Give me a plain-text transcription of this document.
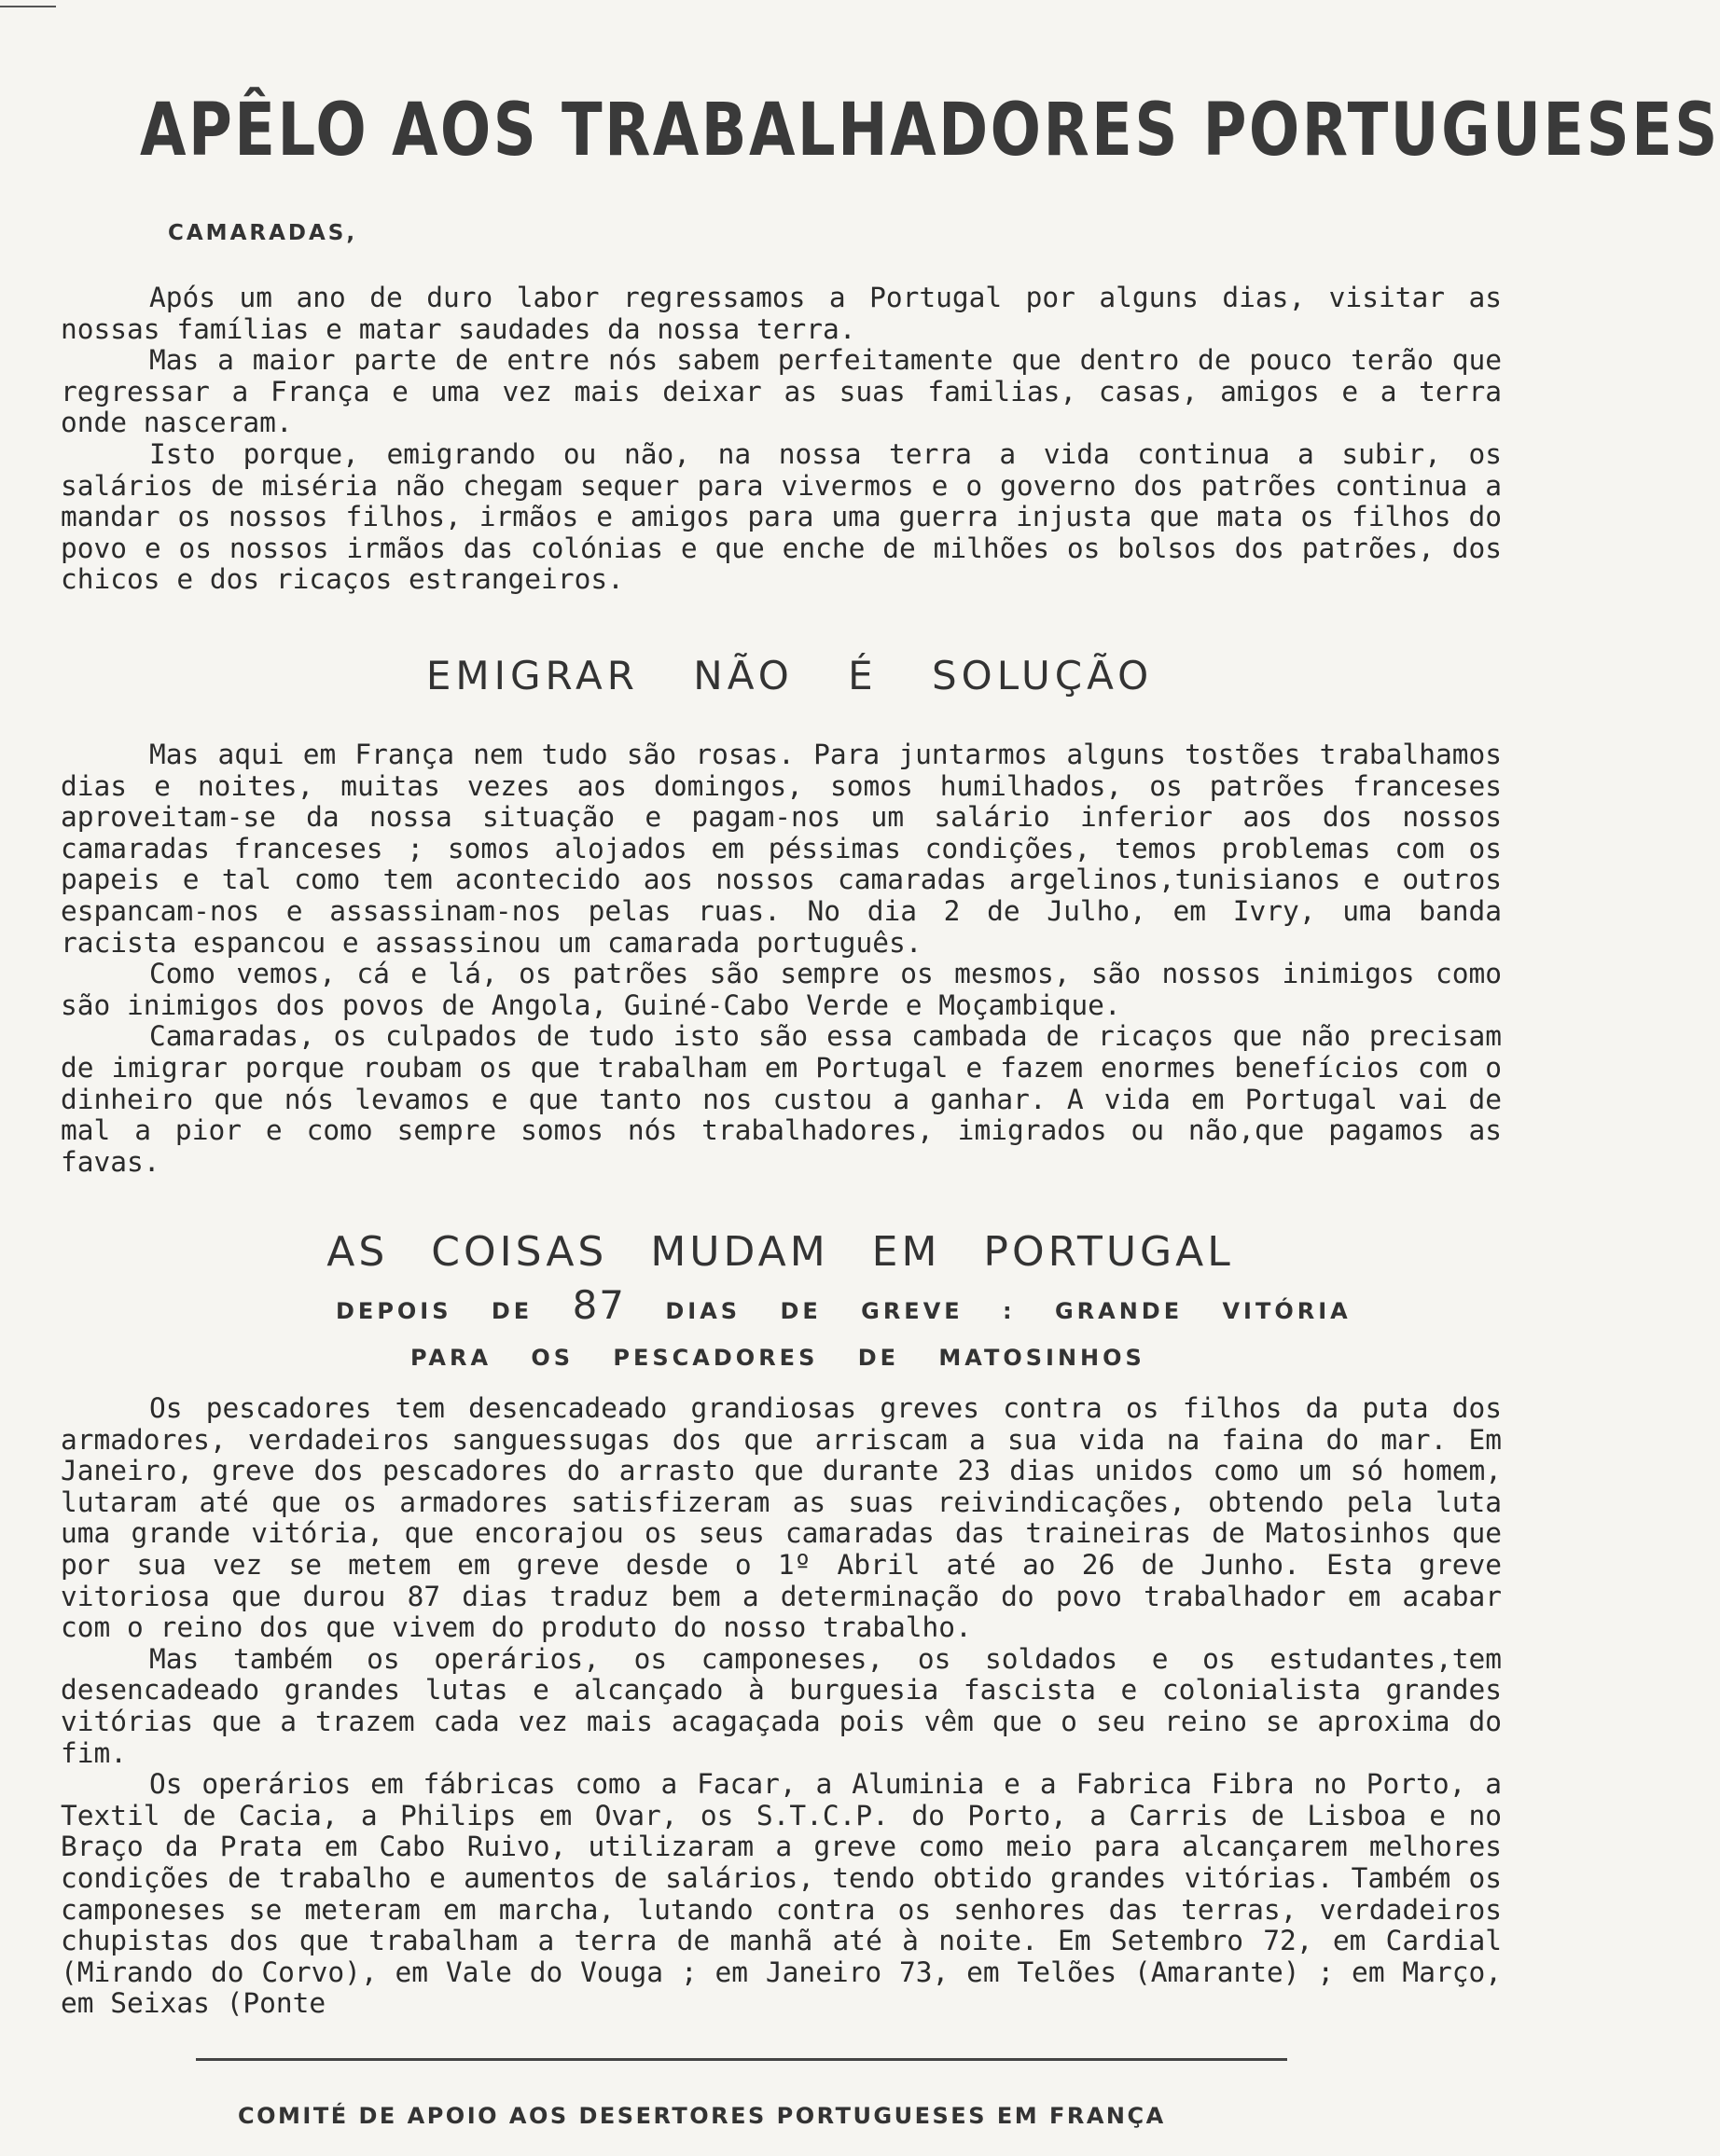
APÊLO AOS TRABALHADORES PORTUGUESES
CAMARADAS,

Após um ano de duro labor regressamos a Portugal por alguns dias, visitar as nossas famílias e matar saudades da nossa terra.

Mas a maior parte de entre nós sabem perfeitamente que dentro de pouco terão que regressar a França e uma vez mais deixar as suas familias, casas, amigos e a terra onde nasceram.

Isto porque, emigrando ou não, na nossa terra a vida continua a subir, os salários de miséria não chegam sequer para vivermos e o governo dos patrões continua a mandar os nossos filhos, irmãos e amigos para uma guerra injusta que mata os filhos do povo e os nossos irmãos das colónias e que enche de milhões os bolsos dos patrões, dos chicos e dos ricaços estrangeiros.

EMIGRAR NÃO É SOLUÇÃO

Mas aqui em França nem tudo são rosas. Para juntarmos alguns tostões trabalhamos dias e noites, muitas vezes aos domingos, somos humilhados, os patrões franceses aproveitam-se da nossa situação e pagam-nos um salário inferior aos dos nossos camaradas franceses ; somos alojados em péssimas condições, temos problemas com os papeis e tal como tem acontecido aos nossos camaradas argelinos,tunisianos e outros espancam-nos e assassinam-nos pelas ruas. No dia 2 de Julho, em Ivry, uma banda racista espancou e assassinou um camarada português.

Como vemos, cá e lá, os patrões são sempre os mesmos, são nossos inimigos como são inimigos dos povos de Angola, Guiné-Cabo Verde e Moçambique.

Camaradas, os culpados de tudo isto são essa cambada de ricaços que não precisam de imigrar porque roubam os que trabalham em Portugal e fazem enormes benefícios com o dinheiro que nós levamos e que tanto nos custou a ganhar. A vida em Portugal vai de mal a pior e como sempre somos nós trabalhadores, imigrados ou não,que pagamos as favas.

AS COISAS MUDAM EM PORTUGAL
DEPOIS DE 87 DIAS DE GREVE : GRANDE VITÓRIA
PARA OS PESCADORES DE MATOSINHOS

Os pescadores tem desencadeado grandiosas greves contra os filhos da puta dos armadores, verdadeiros sanguessugas dos que arriscam a sua vida na faina do mar. Em Janeiro, greve dos pescadores do arrasto que durante 23 dias unidos como um só homem, lutaram até que os armadores satisfizeram as suas reivindicações, obtendo pela luta uma grande vitória, que encorajou os seus camaradas das traineiras de Matosinhos que por sua vez se metem em greve desde o 1º Abril até ao 26 de Junho. Esta greve vitoriosa que durou 87 dias traduz bem a determinação do povo trabalhador em acabar com o reino dos que vivem do produto do nosso trabalho.

Mas também os operários, os camponeses, os soldados e os estudantes,tem desencadeado grandes lutas e alcançado à burguesia fascista e colonialista grandes vitórias que a trazem cada vez mais acagaçada pois vêm que o seu reino se aproxima do fim.

Os operários em fábricas como a Facar, a Aluminia e a Fabrica Fibra no Porto, a Textil de Cacia, a Philips em Ovar, os S.T.C.P. do Porto, a Carris de Lisboa e no Braço da Prata em Cabo Ruivo, utilizaram a greve como meio para alcançarem melhores condições de trabalho e aumentos de salários, tendo obtido grandes vitórias. Também os camponeses se meteram em marcha, lutando contra os senhores das terras, verdadeiros chupistas dos que trabalham a terra de manhã até à noite. Em Setembro 72, em Cardial (Mirando do Corvo), em Vale do Vouga ; em Janeiro 73, em Telões (Amarante) ; em Março, em Seixas (Ponte

COMITÉ DE APOIO AOS DESERTORES PORTUGUESES EM FRANÇA
